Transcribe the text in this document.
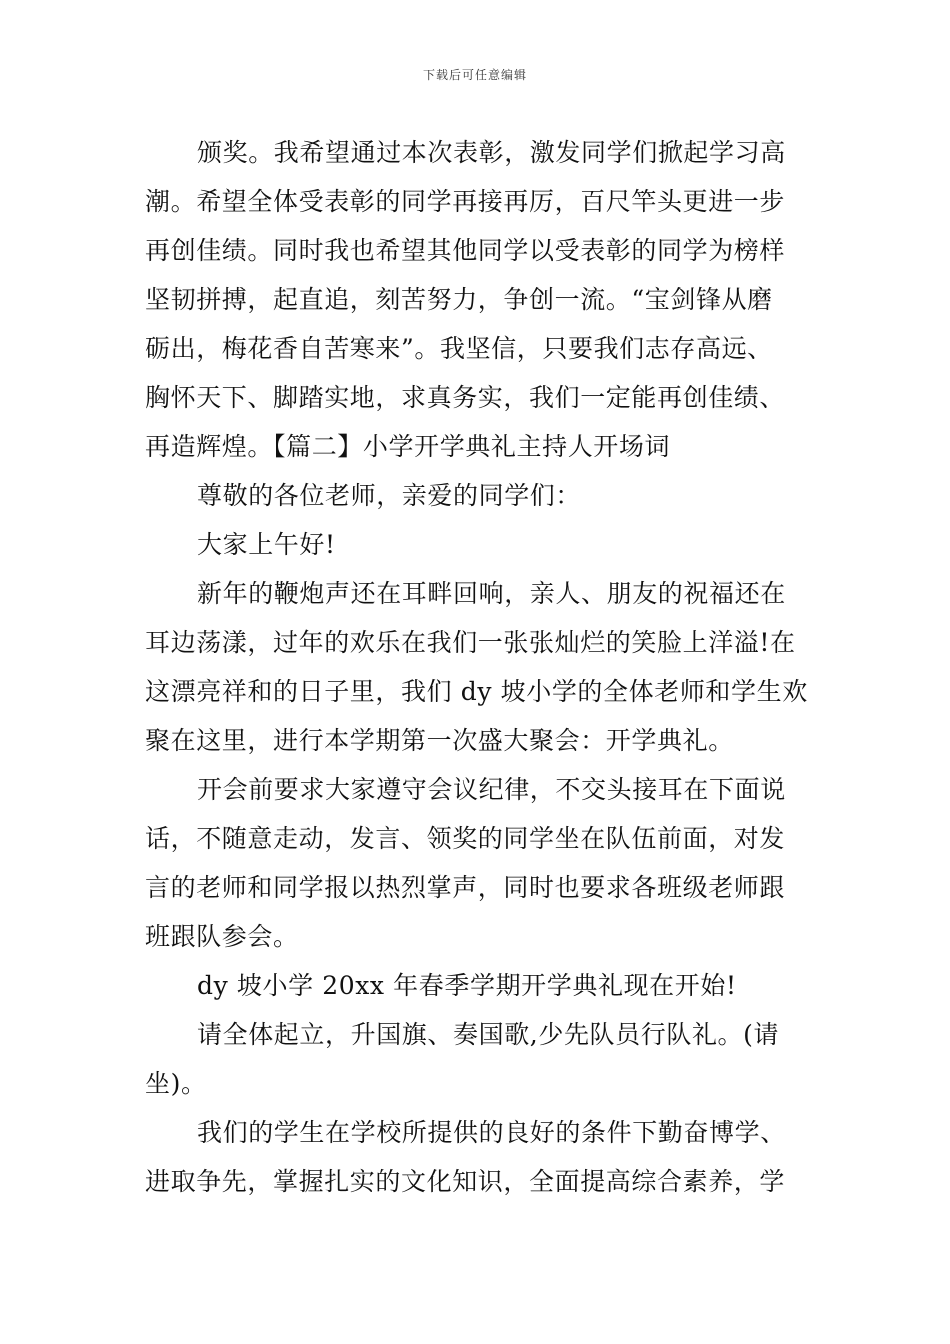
下载后可任意编辑
颁奖。我希望通过本次表彰，激发同学们掀起学习高
潮。希望全体受表彰的同学再接再厉，百尺竿头更进一步
再创佳绩。同时我也希望其他同学以受表彰的同学为榜样
坚韧拼搏，起直追，刻苦努力，争创一流。“宝剑锋从磨
砺出，梅花香自苦寒来”。我坚信，只要我们志存高远、
胸怀天下、脚踏实地，求真务实，我们一定能再创佳绩、
再造辉煌。【篇二】小学开学典礼主持人开场词
尊敬的各位老师，亲爱的同学们：
大家上午好!
新年的鞭炮声还在耳畔回响，亲人、朋友的祝福还在
耳边荡漾，过年的欢乐在我们一张张灿烂的笑脸上洋溢!在
这漂亮祥和的日子里，我们 dy 坡小学的全体老师和学生欢
聚在这里，进行本学期第一次盛大聚会：开学典礼。
开会前要求大家遵守会议纪律，不交头接耳在下面说
话，不随意走动，发言、领奖的同学坐在队伍前面，对发
言的老师和同学报以热烈掌声，同时也要求各班级老师跟
班跟队参会。
dy 坡小学 20xx 年春季学期开学典礼现在开始!
请全体起立，升国旗、奏国歌,少先队员行队礼。(请
坐)。
我们的学生在学校所提供的良好的条件下勤奋博学、
进取争先，掌握扎实的文化知识，全面提高综合素养，学
